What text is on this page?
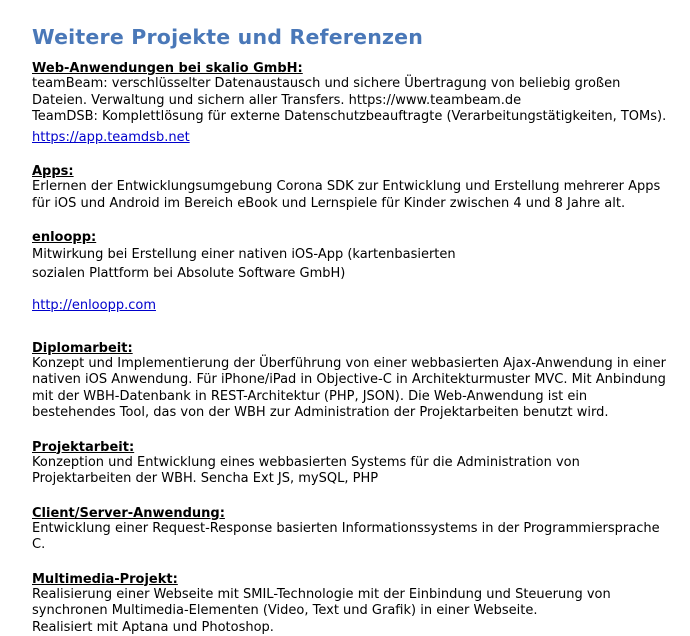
Weitere Projekte und Referenzen
Web-Anwendungen bei skalio GmbH:

teamBeam: verschlüsselter Datenaustausch und sichere Übertragung von beliebig großen

Dateien. Verwaltung und sichern aller Transfers. https://www.teambeam.de

TeamDSB: Komplettlösung für externe Datenschutzbeauftragte (Verarbeitungstätigkeiten, TOMs).

https://app.teamdsb.net
Apps:

Erlernen der Entwicklungsumgebung Corona SDK zur Entwicklung und Erstellung mehrerer Apps

für iOS und Android im Bereich eBook und Lernspiele für Kinder zwischen 4 und 8 Jahre alt.

enloopp:

Mitwirkung bei Erstellung einer nativen iOS-App (kartenbasierten

sozialen Plattform bei Absolute Software GmbH)

http://enloopp.com
Diplomarbeit:

Konzept und Implementierung der Überführung von einer webbasierten Ajax-Anwendung in einer

nativen iOS Anwendung. Für iPhone/iPad in Objective-C in Architekturmuster MVC. Mit Anbindung

mit der WBH-Datenbank in REST-Architektur (PHP, JSON). Die Web-Anwendung ist ein

bestehendes Tool, das von der WBH zur Administration der Projektarbeiten benutzt wird.

Projektarbeit:

Konzeption und Entwicklung eines webbasierten Systems für die Administration von

Projektarbeiten der WBH. Sencha Ext JS, mySQL, PHP

Client/Server-Anwendung:

Entwicklung einer Request-Response basierten Informationssystems in der Programmiersprache

C.

Multimedia-Projekt:

Realisierung einer Webseite mit SMIL-Technologie mit der Einbindung und Steuerung von

synchronen Multimedia-Elementen (Video, Text und Grafik) in einer Webseite.

Realisiert mit Aptana und Photoshop.
